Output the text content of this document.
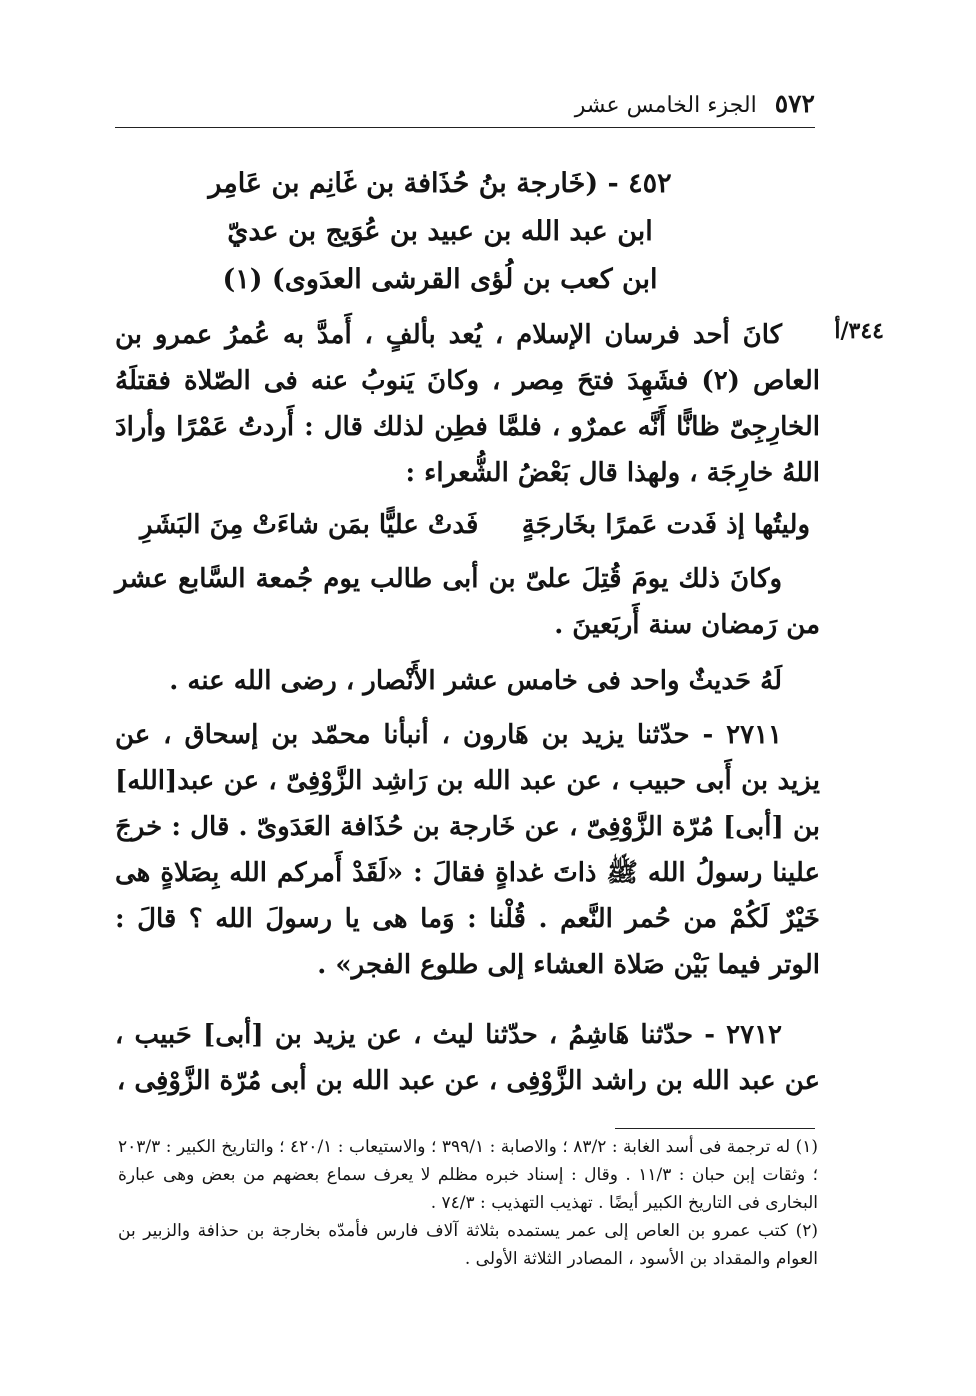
٥٧٢
الجزء الخامس عشر
٤٥٢ - (خَارجة بنُ حُذَافة بن غَانِم بن عَامِر
ابن عبد الله بن عبيد بن عُوَيج بن عديّ
ابن كعب بن لُؤى القرشى العدَوى) (١)
٣٤٤/أ
كانَ أحد فرسان الإسلام ، يُعد بألفٍ ، أَمدَّ به عُمرُ عمرو بن العاص (٢) فشَهِدَ فتحَ مِصر ، وكانَ يَنوبُ عنه فى الصّلاة فقتلَهُ الخارِجِىّ ظانًّا أَنَّه عمرٌو ، فلمَّا فطِن لذلك قال : أَردتُ عَمْرًا وأرادَ اللهُ خارِجَة ، ولهذا قال بَعْضُ الشُّعراء :
وليتُها إذ فَدت عَمرًا بخَارجَةٍ
فَدتْ عليًّا بمَن شاءَتْ مِنَ البَشَرِ
وكانَ ذلك يومَ قُتِلَ علىّ بن أبى طالب يوم جُمعة السَّابع عشر من رَمضان سنة أَربَعينَ .
لَهُ حَديثٌ واحد فى خامس عشر الأَنْصار ، رضى الله عنه .
٢٧١١ - حدّثنا يزيد بن هَارون ، أنبأنا محمّد بن إسحاق ، عن يزيد بن أَبى حبيب ، عن عبد الله بن رَاشِد الزَّوْفِىّ ، عن عبد[الله] بن [أبى] مُرّة الزَّوْفِىّ ، عن خَارجة بن حُذَافة العَدَوىّ . قال : خرجَ علينا رسولُ الله ﷺ ذاتَ غداةٍ فقالَ : «لَقَدْ أَمركم الله بِصَلاةٍ هى خَيْرٌ لَكُمْ من حُمر النَّعم . قُلْنا : وَما هى يا رسولَ الله ؟ قالَ : الوتر فيما بَيْن صَلاة العشاء إلى طلوع الفجر» .
٢٧١٢ - حدّثنا هَاشِمُ ، حدّثنا ليث ، عن يزيد بن [أبى] حَبيب ، عن عبد الله بن راشد الزَّوْفِى ، عن عبد الله بن أبى مُرّة الزَّوْفِى ،

(١) له ترجمة فى أسد الغابة : ٨٣/٢ ؛ والاصابة : ٣٩٩/١ ؛ والاستيعاب : ٤٢٠/١ ؛ والتاريخ الكبير : ٢٠٣/٣ ؛ وثقات إبن حبان : ١١/٣ . وقال : إسناد خبره مظلم لا يعرف سماع بعضهم من بعض وهى عبارة البخارى فى التاريخ الكبير أيضًا . تهذيب التهذيب : ٧٤/٣ .

(٢) كتب عمرو بن العاص إلى عمر يستمده بثلاثة آلاف فارس فأمدّه بخارجة بن حذافة والزبير بن العوام والمقداد بن الأسود ، المصادر الثلاثة الأولى .
